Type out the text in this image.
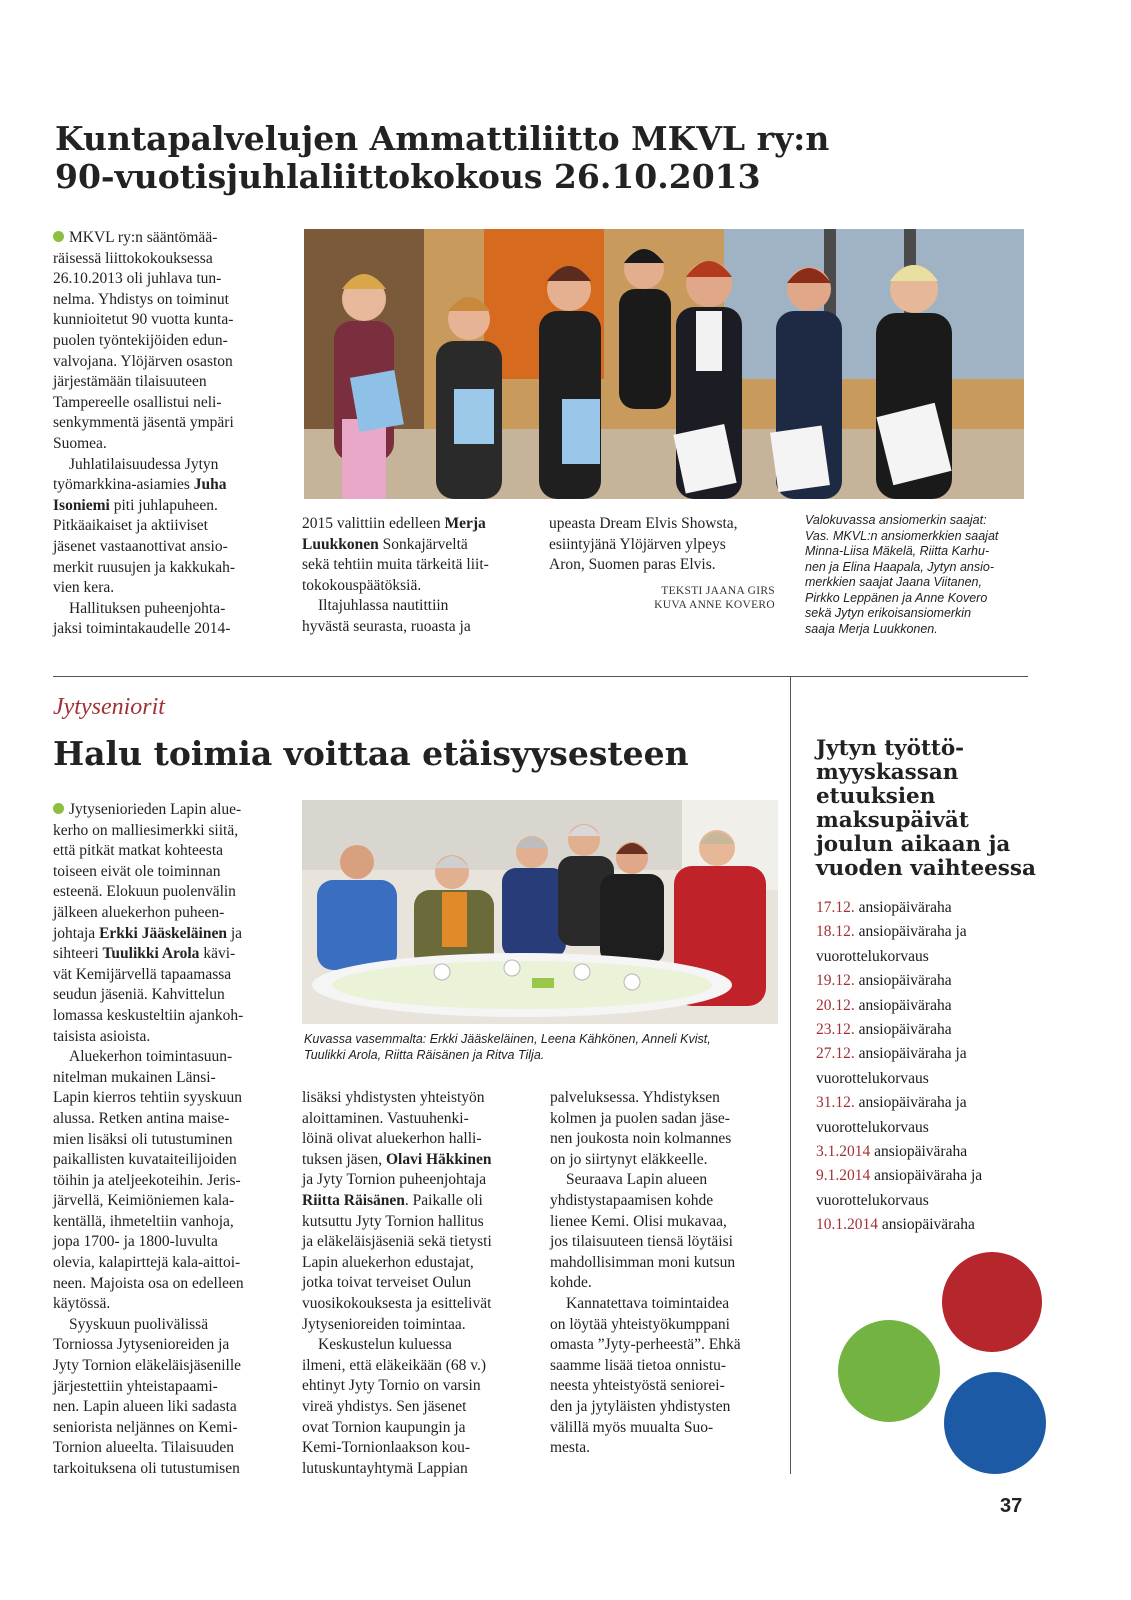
Kuntapalvelujen Ammattiliitto MKVL ry:n
90-vuotisjuhlaliittokokous 26.10.2013

MKVL ry:n sääntömää-

räisessä liittokokouksessa

26.10.2013 oli juhlava tun-

nelma. Yhdistys on toiminut

kunnioitetut 90 vuotta kunta-

puolen työntekijöiden edun-

valvojana. Ylöjärven osaston

järjestämään tilaisuuteen

Tampereelle osallistui neli-

senkymmentä jäsentä ympäri

Suomea.

Juhlatilaisuudessa Jytyn

työmarkkina-asiamies Juha

Isoniemi piti juhlapuheen.

Pitkäaikaiset ja aktiiviset

jäsenet vastaanottivat ansio-

merkit ruusujen ja kakkukah-

vien kera.

Hallituksen puheenjohta-

jaksi toimintakaudelle 2014-

2015 valittiin edelleen Merja

Luukkonen Sonkajärveltä

sekä tehtiin muita tärkeitä liit-

tokokouspäätöksiä.

Iltajuhlassa nautittiin

hyvästä seurasta, ruoasta ja

upeasta Dream Elvis Showsta,

esiintyjänä Ylöjärven ylpeys

Aron, Suomen paras Elvis.

TEKSTI JAANA GIRS
KUVA ANNE KOVERO
Valokuvassa ansiomerkin saajat:
Vas. MKVL:n ansiomerkkien saajat
Minna-Liisa Mäkelä, Riitta Karhu-
nen ja Elina Haapala, Jytyn ansio-
merkkien saajat Jaana Viitanen,
Pirkko Leppänen ja Anne Kovero
sekä Jytyn erikoisansiomerkin
saaja Merja Luukkonen.
Jytyseniorit
Halu toimia voittaa etäisyysesteen

Jytyseniorieden Lapin alue-

kerho on malliesimerkki siitä,

että pitkät matkat kohteesta

toiseen eivät ole toiminnan

esteenä. Elokuun puolenvälin

jälkeen aluekerhon puheen-

johtaja Erkki Jääskeläinen ja

sihteeri Tuulikki Arola kävi-

vät Kemijärvellä tapaamassa

seudun jäseniä. Kahvittelun

lomassa keskusteltiin ajankoh-

taisista asioista.

Aluekerhon toimintasuun-

nitelman mukainen Länsi-

Lapin kierros tehtiin syyskuun

alussa. Retken antina maise-

mien lisäksi oli tutustuminen

paikallisten kuvataiteilijoiden

töihin ja ateljeekoteihin. Jeris-

järvellä, Keimiöniemen kala-

kentällä, ihmeteltiin vanhoja,

jopa 1700- ja 1800-luvulta

olevia, kalapirttejä kala-aittoi-

neen. Majoista osa on edelleen

käytössä.

Syyskuun puolivälissä

Torniossa Jytysenioreiden ja

Jyty Tornion eläkeläisjäsenille

järjestettiin yhteistapaami-

nen. Lapin alueen liki sadasta

seniorista neljännes on Kemi-

Tornion alueelta. Tilaisuuden

tarkoituksena oli tutustumisen

Kuvassa vasemmalta: Erkki Jääskeläinen, Leena Kähkönen, Anneli Kvist,
Tuulikki Arola, Riitta Räisänen ja Ritva Tilja.

lisäksi yhdistysten yhteistyön

aloittaminen. Vastuuhenki-

löinä olivat aluekerhon halli-

tuksen jäsen, Olavi Häkkinen

ja Jyty Tornion puheenjohtaja

Riitta Räisänen. Paikalle oli

kutsuttu Jyty Tornion hallitus

ja eläkeläisjäseniä sekä tietysti

Lapin aluekerhon edustajat,

jotka toivat terveiset Oulun

vuosikokouksesta ja esittelivät

Jytysenioreiden toimintaa.

Keskustelun kuluessa

ilmeni, että eläkeikään (68 v.)

ehtinyt Jyty Tornio on varsin

vireä yhdistys. Sen jäsenet

ovat Tornion kaupungin ja

Kemi-Tornionlaakson kou-

lutuskuntayhtymä Lappian

palveluksessa. Yhdistyksen

kolmen ja puolen sadan jäse-

nen joukosta noin kolmannes

on jo siirtynyt eläkkeelle.

Seuraava Lapin alueen

yhdistystapaamisen kohde

lienee Kemi. Olisi mukavaa,

jos tilaisuuteen tiensä löytäisi

mahdollisimman moni kutsun

kohde.

Kannatettava toimintaidea

on löytää yhteistyökumppani

omasta ”Jyty-perheestä”. Ehkä

saamme lisää tietoa onnistu-

neesta yhteistyöstä seniorei-

den ja jytyläisten yhdistysten

välillä myös muualta Suo-

mesta.

Jytyn työttö-
myyskassan
etuuksien
maksupäivät
joulun aikaan ja
vuoden vaihteessa
17.12. ansiopäiväraha
18.12. ansiopäiväraha ja
vuorottelukorvaus
19.12. ansiopäiväraha
20.12. ansiopäiväraha
23.12. ansiopäiväraha
27.12. ansiopäiväraha ja
vuorottelukorvaus
31.12. ansiopäiväraha ja
vuorottelukorvaus
3.1.2014 ansiopäiväraha
9.1.2014 ansiopäiväraha ja
vuorottelukorvaus
10.1.2014 ansiopäiväraha
37
